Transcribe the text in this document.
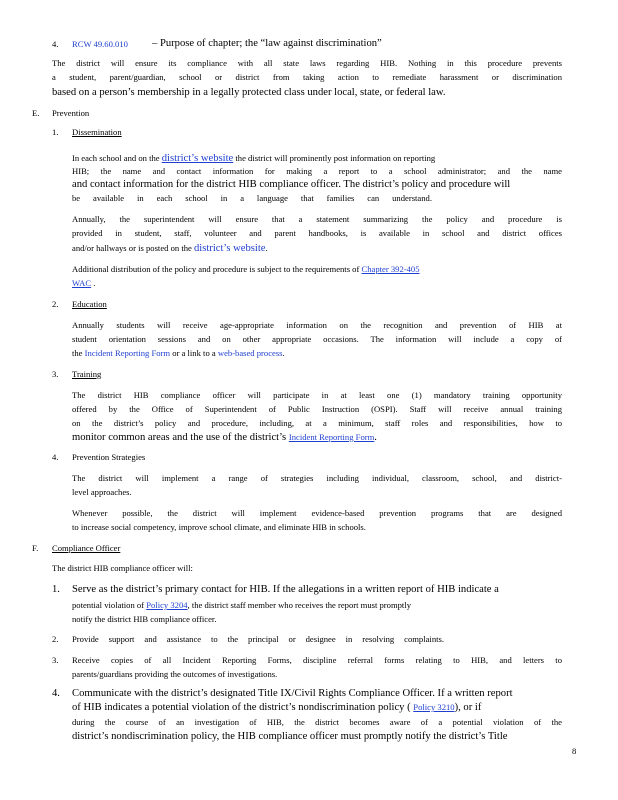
4. RCW 49.60.010 – Purpose of chapter; the “law against discrimination”
The district will ensure its compliance with all state laws regarding HIB. Nothing in this procedure prevents
a student, parent/guardian, school or district from taking action to remediate harassment or discrimination
based on a person’s membership in a legally protected class under local, state, or federal law.
E. Prevention
1. Dissemination
In each school and on the district’s website the district will prominently post information on reporting
HIB; the name and contact information for making a report to a school administrator; and the name
and contact information for the district HIB compliance officer. The district’s policy and procedure will
be available in each school in a language that families can understand.
Annually, the superintendent will ensure that a statement summarizing the policy and procedure is
provided in student, staff, volunteer and parent handbooks, is available in school and district offices
and/or hallways or is posted on the district’s website.
Additional distribution of the policy and procedure is subject to the requirements of Chapter 392-405
WAC .
2. Education
Annually students will receive age-appropriate information on the recognition and prevention of HIB at
student orientation sessions and on other appropriate occasions. The information will include a copy of
the Incident Reporting Form or a link to a web-based process.
3. Training
The district HIB compliance officer will participate in at least one (1) mandatory training opportunity
offered by the Office of Superintendent of Public Instruction (OSPI). Staff will receive annual training
on the district’s policy and procedure, including, at a minimum, staff roles and responsibilities, how to
monitor common areas and the use of the district’s Incident Reporting Form.
4. Prevention Strategies
The district will implement a range of strategies including individual, classroom, school, and district-
level approaches.
Whenever possible, the district will implement evidence-based prevention programs that are designed
to increase social competency, improve school climate, and eliminate HIB in schools.
F. Compliance Officer
The district HIB compliance officer will:
1. Serve as the district’s primary contact for HIB. If the allegations in a written report of HIB indicate a
potential violation of Policy 3204, the district staff member who receives the report must promptly
notify the district HIB compliance officer.
2. Provide support and assistance to the principal or designee in resolving complaints.
3. Receive copies of all Incident Reporting Forms, discipline referral forms relating to HIB, and letters to
parents/guardians providing the outcomes of investigations.
4. Communicate with the district’s designated Title IX/Civil Rights Compliance Officer. If a written report
of HIB indicates a potential violation of the district’s nondiscrimination policy ( Policy 3210), or if
during the course of an investigation of HIB, the district becomes aware of a potential violation of the
district’s nondiscrimination policy, the HIB compliance officer must promptly notify the district’s Title
8
